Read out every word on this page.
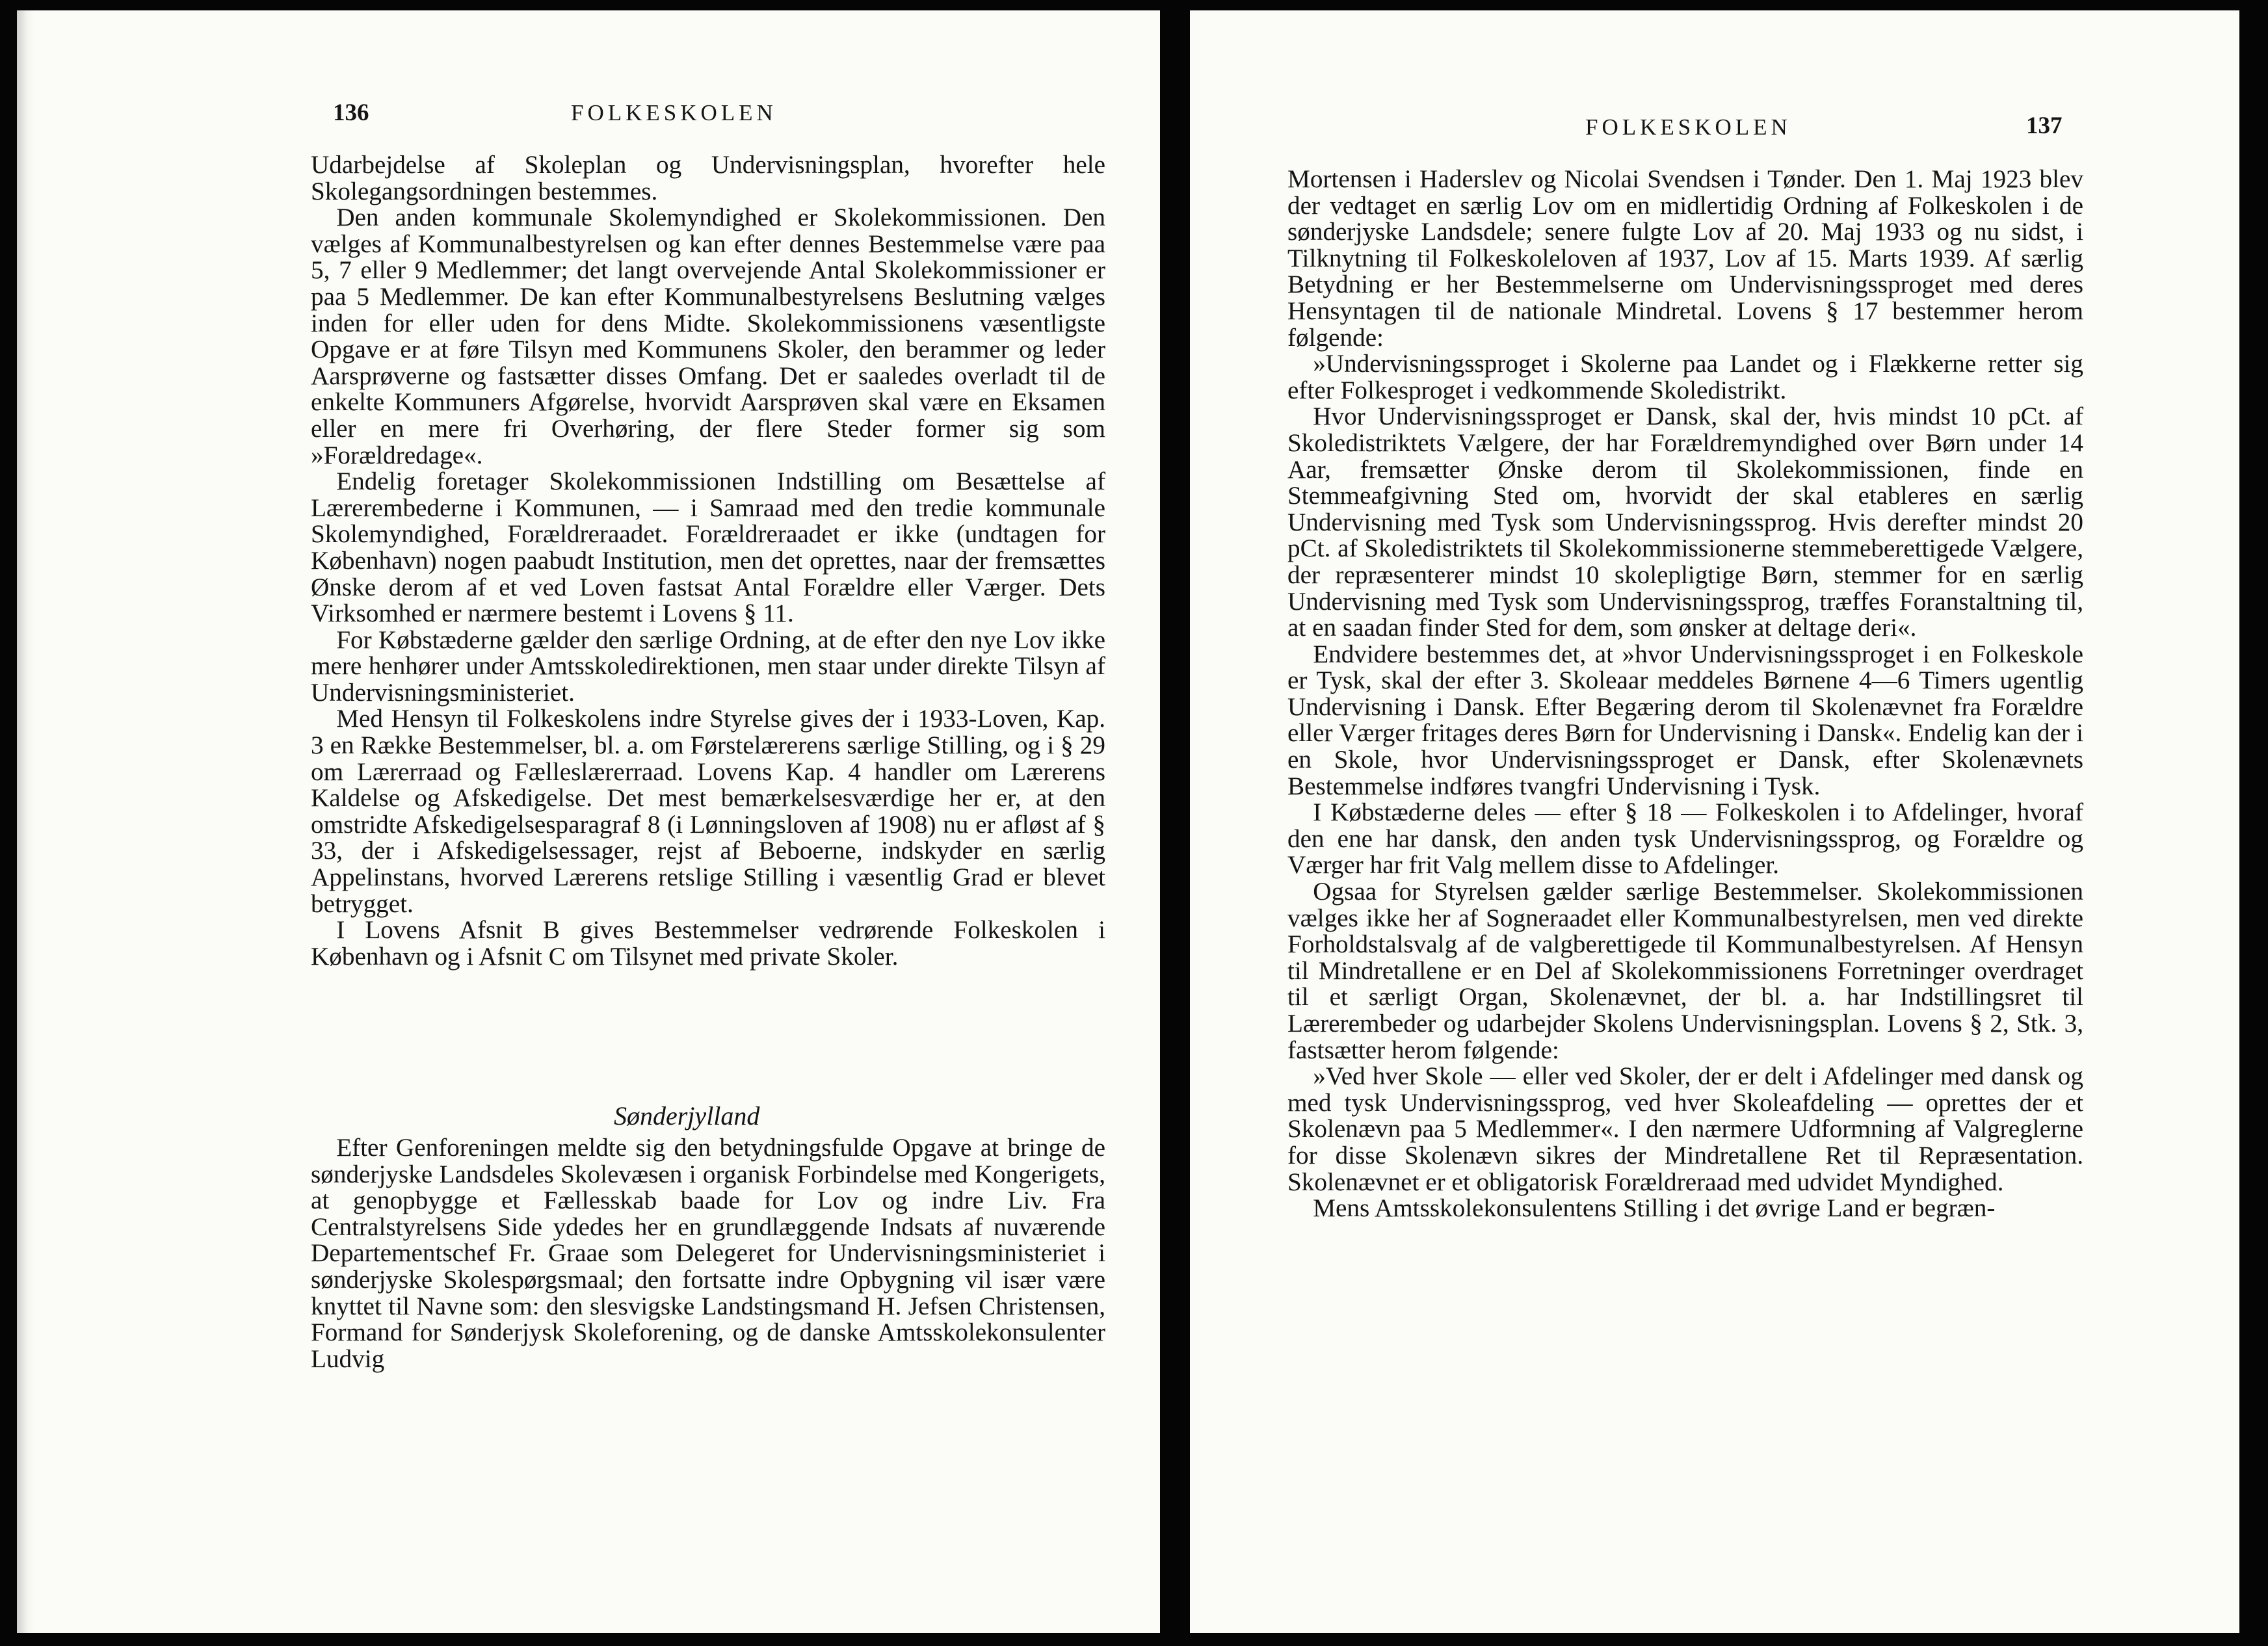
136	FOLKESKOLEN
Udarbejdelse af Skoleplan og Undervisningsplan, hvorefter hele Skolegangsordningen bestemmes.
 Den anden kommunale Skolemyndighed er Skolekommissionen. Den vælges af Kommunalbestyrelsen og kan efter dennes Bestemmelse være paa 5, 7 eller 9 Medlemmer; det langt overvejende Antal Skolekommissioner er paa 5 Medlemmer. De kan efter Kommunalbestyrelsens Beslutning vælges inden for eller uden for dens Midte. Skolekommissionens væsentligste Opgave er at føre Tilsyn med Kommunens Skoler, den berammer og leder Aarsprøverne og fastsætter disses Omfang. Det er saaledes overladt til de enkelte Kommuners Afgørelse, hvorvidt Aarsprøven skal være en Eksamen eller en mere fri Overhøring, der flere Steder former sig som »Forældredage«.
 Endelig foretager Skolekommissionen Indstilling om Besættelse af Lærerembederne i Kommunen, — i Samraad med den tredie kommunale Skolemyndighed, Forældreraadet. Forældreraadet er ikke (undtagen for København) nogen paabudt Institution, men det oprettes, naar der fremsættes Ønske derom af et ved Loven fastsat Antal Forældre eller Værger. Dets Virksomhed er nærmere bestemt i Lovens § 11.
 For Købstæderne gælder den særlige Ordning, at de efter den nye Lov ikke mere henhører under Amtsskoledirektionen, men staar under direkte Tilsyn af Undervisningsministeriet.
 Med Hensyn til Folkeskolens indre Styrelse gives der i 1933-Loven, Kap. 3 en Række Bestemmelser, bl. a. om Førstelærerens særlige Stilling, og i § 29 om Lærerraad og Fælleslærerraad. Lovens Kap. 4 handler om Lærerens Kaldelse og Afskedigelse. Det mest bemærkelsesværdige her er, at den omstridte Afskedigelsesparagraf 8 (i Lønningsloven af 1908) nu er afløst af § 33, der i Afskedigelsessager, rejst af Beboerne, indskyder en særlig Appelinstans, hvorved Lærerens retslige Stilling i væsentlig Grad er blevet betrygget.
 I Lovens Afsnit B gives Bestemmelser vedrørende Folkeskolen i København og i Afsnit C om Tilsynet med private Skoler.
Sønderjylland
 Efter Genforeningen meldte sig den betydningsfulde Opgave at bringe de sønderjyske Landsdeles Skolevæsen i organisk Forbindelse med Kongerigets, at genopbygge et Fællesskab baade for Lov og indre Liv. Fra Centralstyrelsens Side ydedes her en grundlæggende Indsats af nuværende Departementschef Fr. Graae som Delegeret for Undervisningsministeriet i sønderjyske Skolespørgsmaal; den fortsatte indre Opbygning vil især være knyttet til Navne som: den slesvigske Landstingsmand H. Jefsen Christensen, Formand for Sønderjysk Skoleforening, og de danske Amtsskolekonsulenter Ludvig
FOLKESKOLEN	137
Mortensen i Haderslev og Nicolai Svendsen i Tønder. Den 1. Maj 1923 blev der vedtaget en særlig Lov om en midlertidig Ordning af Folkeskolen i de sønderjyske Landsdele; senere fulgte Lov af 20. Maj 1933 og nu sidst, i Tilknytning til Folkeskoleloven af 1937, Lov af 15. Marts 1939. Af særlig Betydning er her Bestemmelserne om Undervisningssproget med deres Hensyntagen til de nationale Mindretal. Lovens § 17 bestemmer herom følgende:
 »Undervisningssproget i Skolerne paa Landet og i Flækkerne retter sig efter Folkesproget i vedkommende Skoledistrikt.
 Hvor Undervisningssproget er Dansk, skal der, hvis mindst 10 pCt. af Skoledistriktets Vælgere, der har Forældremyndighed over Børn under 14 Aar, fremsætter Ønske derom til Skolekommissionen, finde en Stemmeafgivning Sted om, hvorvidt der skal etableres en særlig Undervisning med Tysk som Undervisningssprog. Hvis derefter mindst 20 pCt. af Skoledistriktets til Skolekommissionerne stemmeberettigede Vælgere, der repræsenterer mindst 10 skolepligtige Børn, stemmer for en særlig Undervisning med Tysk som Undervisningssprog, træffes Foranstaltning til, at en saadan finder Sted for dem, som ønsker at deltage deri«.
 Endvidere bestemmes det, at »hvor Undervisningssproget i en Folkeskole er Tysk, skal der efter 3. Skoleaar meddeles Børnene 4—6 Timers ugentlig Undervisning i Dansk. Efter Begæring derom til Skolenævnet fra Forældre eller Værger fritages deres Børn for Undervisning i Dansk«. Endelig kan der i en Skole, hvor Undervisningssproget er Dansk, efter Skolenævnets Bestemmelse indføres tvangfri Undervisning i Tysk.
 I Købstæderne deles — efter § 18 — Folkeskolen i to Afdelinger, hvoraf den ene har dansk, den anden tysk Undervisningssprog, og Forældre og Værger har frit Valg mellem disse to Afdelinger.
 Ogsaa for Styrelsen gælder særlige Bestemmelser. Skolekommissionen vælges ikke her af Sogneraadet eller Kommunalbestyrelsen, men ved direkte Forholdstalsvalg af de valgberettigede til Kommunalbestyrelsen. Af Hensyn til Mindretallene er en Del af Skolekommissionens Forretninger overdraget til et særligt Organ, Skolenævnet, der bl. a. har Indstillingsret til Lærerembeder og udarbejder Skolens Undervisningsplan. Lovens § 2, Stk. 3, fastsætter herom følgende:
 »Ved hver Skole — eller ved Skoler, der er delt i Afdelinger med dansk og med tysk Undervisningssprog, ved hver Skoleafdeling — oprettes der et Skolenævn paa 5 Medlemmer«. I den nærmere Udformning af Valgreglerne for disse Skolenævn sikres der Mindretallene Ret til Repræsentation. Skolenævnet er et obligatorisk Forældreraad med udvidet Myndighed.
 Mens Amtsskolekonsulentens Stilling i det øvrige Land er begræn-
